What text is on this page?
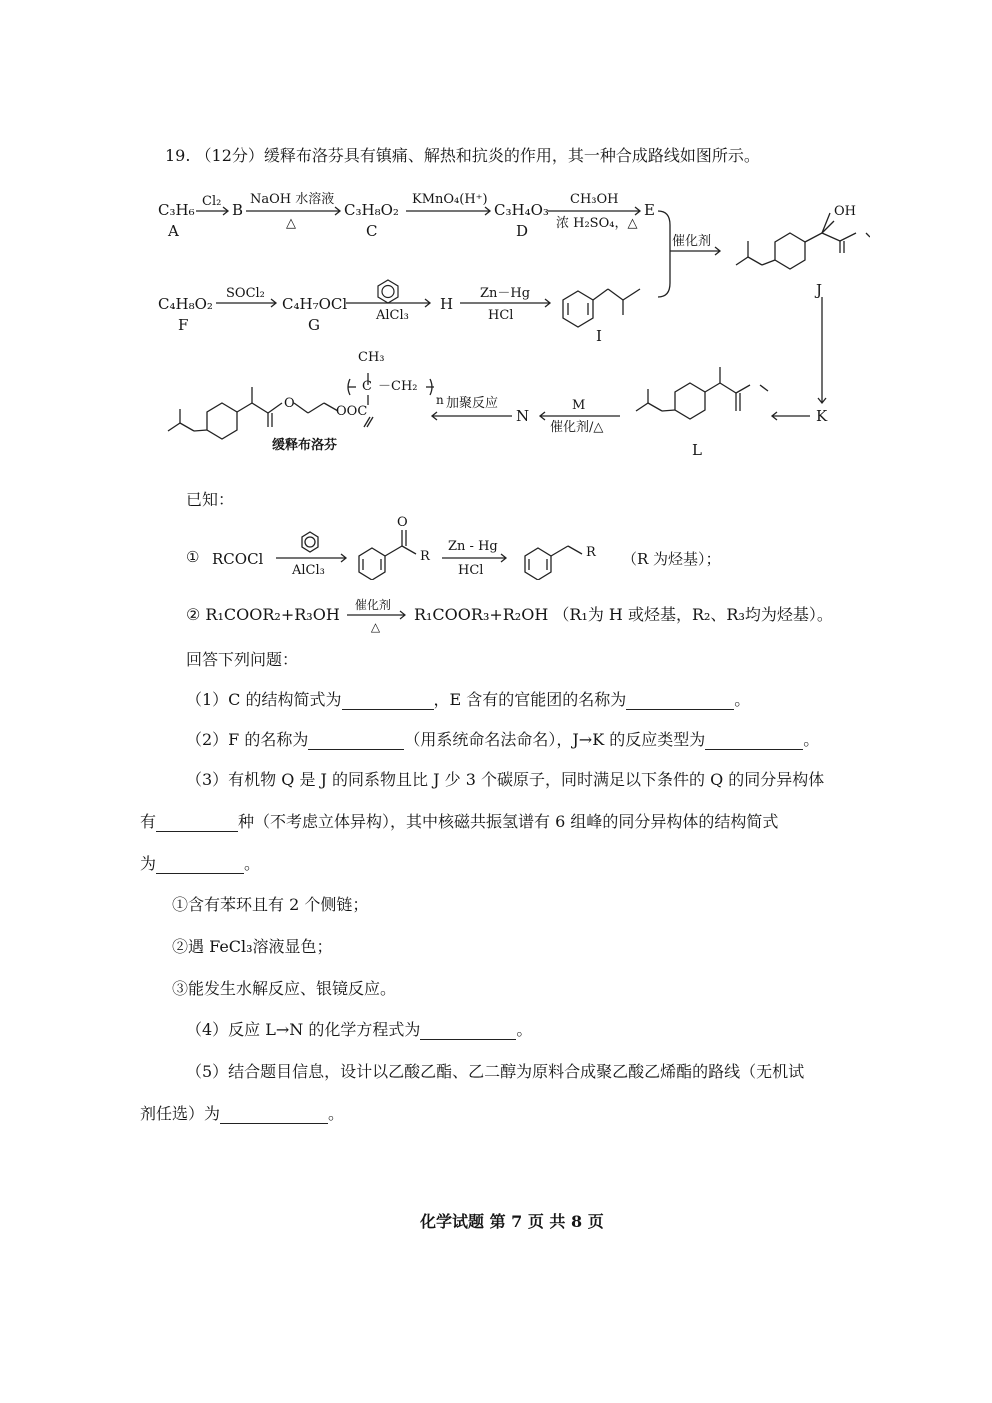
19. （12分）缓释布洛芬具有镇痛、解热和抗炎的作用，其一种合成路线如图所示。
C₃H₆
A
Cl₂ B
NaOH 水溶液
△
C₃H₈O₂
C
KMnO₄(H⁺)
C₃H₄O₃
D
CH₃OH
浓 H₂SO₄，△
E
催化剂
OH
J
C₄H₈O₂
F
SOCl₂
C₄H₇OCl
G
AlCl₃
H
Zn－Hg
HCl
I
K
L
M
催化剂/△
N
加聚反应
CH₃
C －CH₂
n
O
OOC
缓释布洛芬
已知：
① RCOCl
AlCl₃
O
R
Zn - Hg
HCl
R （R 为烃基）；
② R₁COOR₂+R₃OH 催化剂
△
R₁COOR₃+R₂OH （R₁为 H 或烃基，R₂、R₃均为烃基）。
回答下列问题：
（1）C 的结构简式为	，E 含有的官能团的名称为	。
（2）F 的名称为	（用系统命名法命名），J→K 的反应类型为	。
（3）有机物 Q 是 J 的同系物且比 J 少 3 个碳原子，同时满足以下条件的 Q 的同分异构体
有	种（不考虑立体异构），其中核磁共振氢谱有 6 组峰的同分异构体的结构简式
为	。
①含有苯环且有 2 个侧链；
②遇 FeCl₃溶液显色；
③能发生水解反应、银镜反应。
（4）反应 L→N 的化学方程式为	。
（5）结合题目信息，设计以乙酸乙酯、乙二醇为原料合成聚乙酸乙烯酯的路线（无机试
剂任选）为	。
化学试题 第 7 页 共 8 页
